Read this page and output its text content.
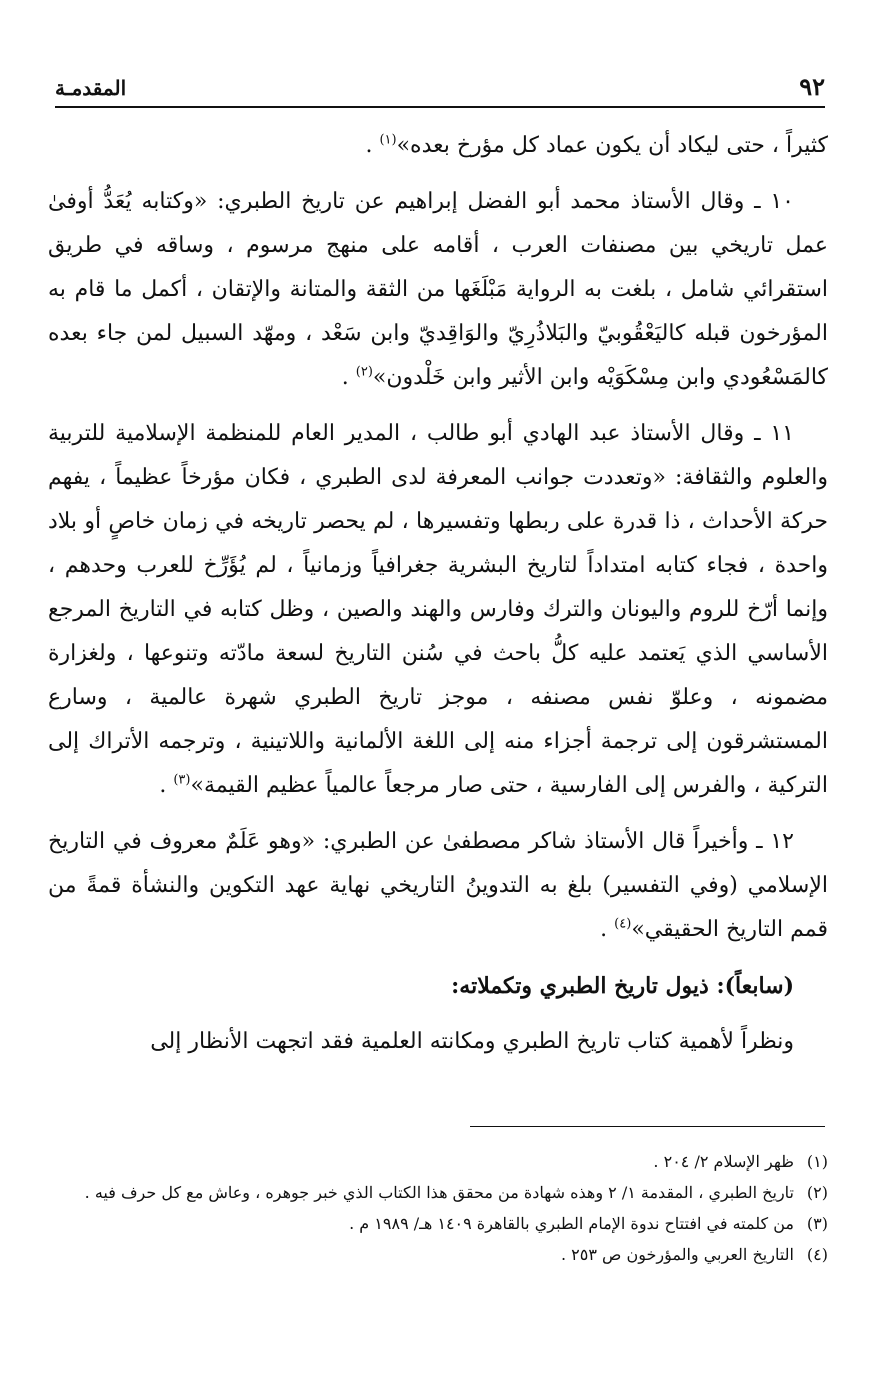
٩٢
المقدمـة

كثيراً ، حتى ليكاد أن يكون عماد كل مؤرخ بعده»$^{(١)}$ .

١٠ ـ وقال الأستاذ محمد أبو الفضل إبراهيم عن تاريخ الطبري: «وكتابه يُعَدُّ أوفىٰ عمل تاريخي بين مصنفات العرب ، أقامه على منهج مرسوم ، وساقه في طريق استقرائي شامل ، بلغت به الرواية مَبْلَغَها من الثقة والمتانة والإتقان ، أكمل ما قام به المؤرخون قبله كاليَعْقُوبيّ والبَلاذُرِيّ والوَاقِديّ وابن سَعْد ، ومهّد السبيل لمن جاء بعده كالمَسْعُودي وابن مِسْكَوَيْه وابن الأثير وابن خَلْدون»$^{(٢)}$ .

١١ ـ وقال الأستاذ عبد الهادي أبو طالب ، المدير العام للمنظمة الإسلامية للتربية والعلوم والثقافة: «وتعددت جوانب المعرفة لدى الطبري ، فكان مؤرخاً عظيماً ، يفهم حركة الأحداث ، ذا قدرة على ربطها وتفسيرها ، لم يحصر تاريخه في زمان خاصٍ أو بلاد واحدة ، فجاء كتابه امتداداً لتاريخ البشرية جغرافياً وزمانياً ، لم يُؤَرِّخ للعرب وحدهم ، وإنما أرّخ للروم واليونان والترك وفارس والهند والصين ، وظل كتابه في التاريخ المرجع الأساسي الذي يَعتمد عليه كلُّ باحث في سُنن التاريخ لسعة مادّته وتنوعها ، ولغزارة مضمونه ، وعلوّ نفس مصنفه ، موجز تاريخ الطبري شهرة عالمية ، وسارع المستشرقون إلى ترجمة أجزاء منه إلى اللغة الألمانية واللاتينية ، وترجمه الأتراك إلى التركية ، والفرس إلى الفارسية ، حتى صار مرجعاً عالمياً عظيم القيمة»$^{(٣)}$ .

١٢ ـ وأخيراً قال الأستاذ شاكر مصطفىٰ عن الطبري: «وهو عَلَمٌ معروف في التاريخ الإسلامي (وفي التفسير) بلغ به التدوينُ التاريخي نهاية عهد التكوين والنشأة قمةً من قمم التاريخ الحقيقي»$^{(٤)}$ .

(سابعاً): ذيول تاريخ الطبري وتكملاته:

ونظراً لأهمية كتاب تاريخ الطبري ومكانته العلمية فقد اتجهت الأنظار إلى

(١)ظهر الإسلام ٢/ ٢٠٤ .

(٢)تاريخ الطبري ، المقدمة ١/ ٢ وهذه شهادة من محقق هذا الكتاب الذي خبر جوهره ، وعاش مع كل حرف فيه .

(٣)من كلمته في افتتاح ندوة الإمام الطبري بالقاهرة ١٤٠٩ هـ/ ١٩٨٩ م .

(٤)التاريخ العربي والمؤرخون ص ٢٥٣ .
